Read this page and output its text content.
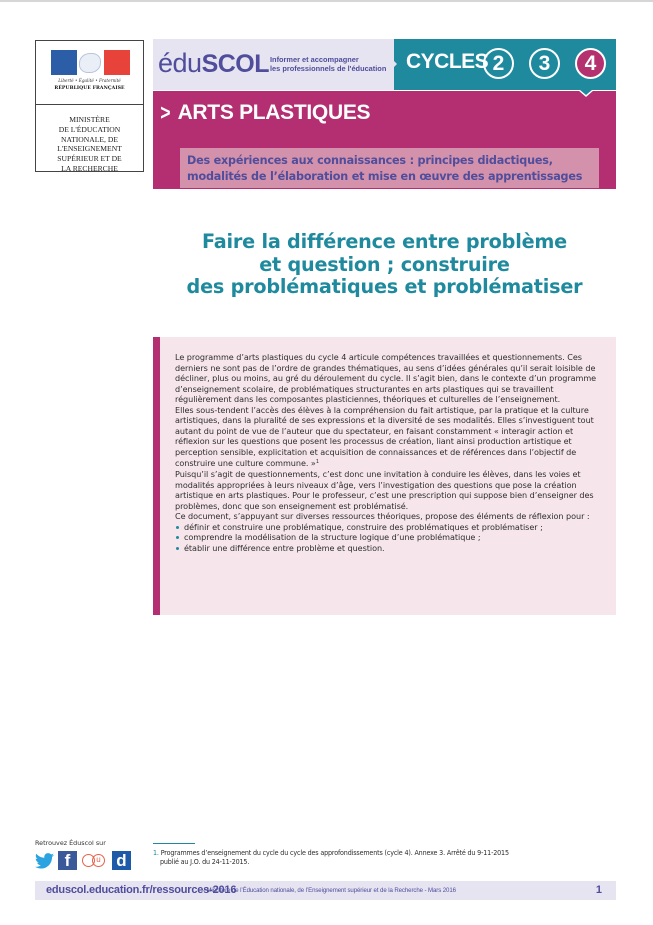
Liberté • Égalité • Fraternité
RÉPUBLIQUE FRANÇAISE
MINISTÈRE
DE L'ÉDUCATION
NATIONALE, DE
L'ENSEIGNEMENT
SUPÉRIEUR ET DE
LA RECHERCHE
éduSCOL Informer et accompagner
les professionnels de l'éducation CYCLES 2	3	4
> ARTS PLASTIQUES
Des expériences aux connaissances : principes didactiques,
modalités de l’élaboration et mise en œuvre des apprentissages
Faire la différence entre problème
et question ; construire
des problématiques et problématiser

Le programme d’arts plastiques du cycle 4 articule compétences travaillées et questionnements. Ces derniers ne sont pas de l’ordre de grandes thématiques, au sens d’idées générales qu’il serait loisible de décliner, plus ou moins, au gré du déroulement du cycle. Il s’agit bien, dans le contexte d’un programme d’enseignement scolaire, de problématiques structurantes en arts plastiques qui se travaillent régulièrement dans les composantes plasticiennes, théoriques et culturelles de l’enseignement.

Elles sous-tendent l’accès des élèves à la compréhension du fait artistique, par la pratique et la culture artistiques, dans la pluralité de ses expressions et la diversité de ses modalités. Elles s’investiguent tout autant du point de vue de l’auteur que du spectateur, en faisant constamment « interagir action et réflexion sur les questions que posent les processus de création, liant ainsi production artistique et perception sensible, explicitation et acquisition de connaissances et de références dans l’objectif de construire une culture commune. »$^1$

Puisqu’il s’agit de questionnements, c’est donc une invitation à conduire les élèves, dans les voies et modalités appropriées à leurs niveaux d’âge, vers l’investigation des questions que pose la création artistique en arts plastiques. Pour le professeur, c’est une prescription qui suppose bien d’enseigner des problèmes, donc que son enseignement est problématisé.

Ce document, s’appuyant sur diverses ressources théoriques, propose des éléments de réflexion pour :

définir et construire une problématique, construire des problématiques et problématiser ;
comprendre la modélisation de la structure logique d’une problématique ;
établir une différence entre problème et question.
Retrouvez Éduscol sur
f	u d	1. Programmes d’enseignement du cycle du cycle des approfondissements (cycle 4). Annexe 3. Arrêté du 9-11-2015
publié au J.O. du 24-11-2015.
eduscol.education.fr/ressources-2016
- Ministère de l’Éducation nationale, de l’Enseignement supérieur et de la Recherche - Mars 2016	1
